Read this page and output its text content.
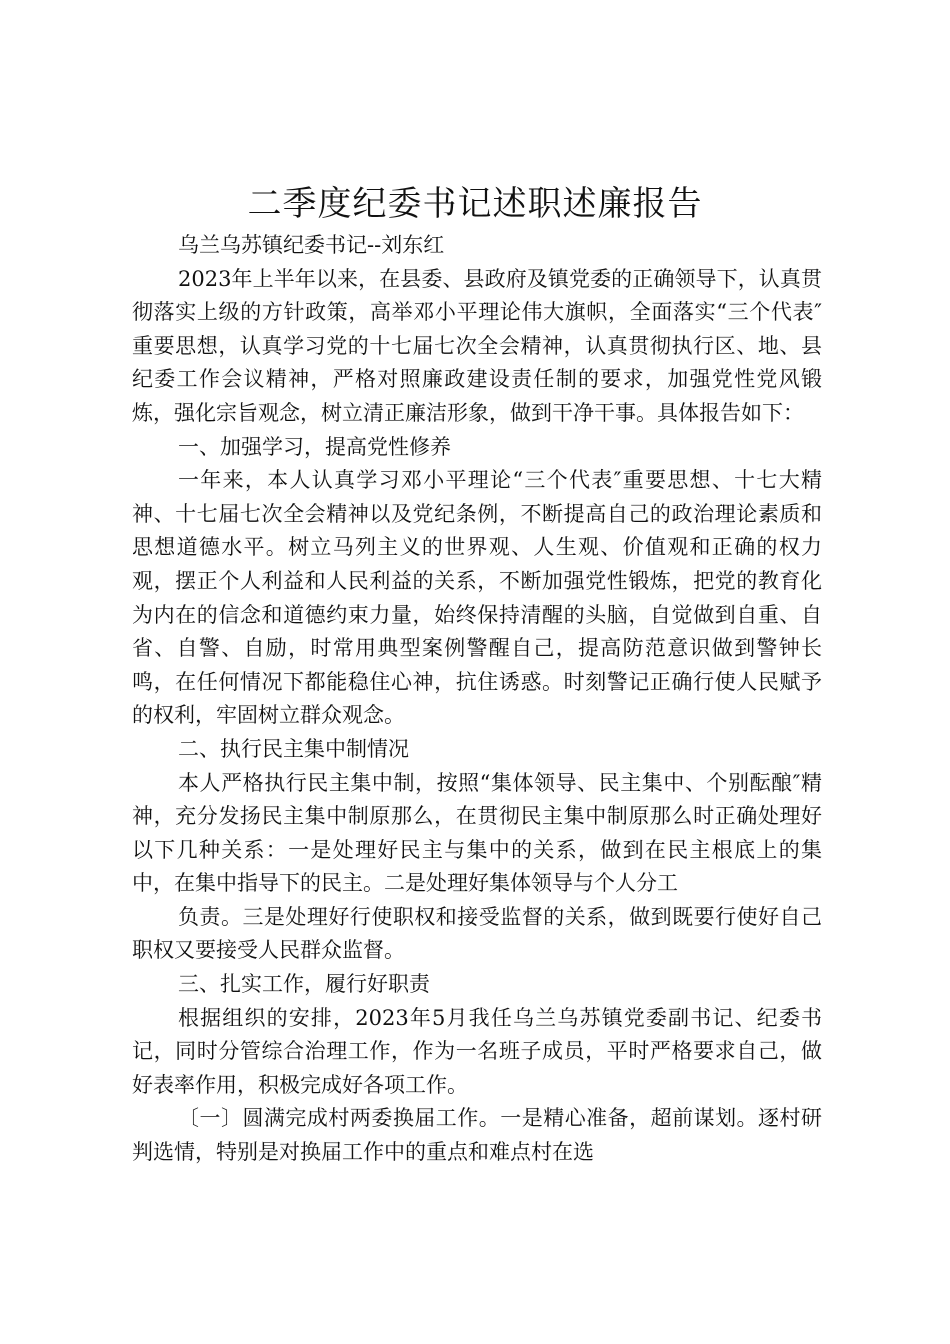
二季度纪委书记述职述廉报告

乌兰乌苏镇纪委书记--刘东红

2023年上半年以来，在县委、县政府及镇党委的正确领导下，认真贯彻落实上级的方针政策，高举邓小平理论伟大旗帜，全面落实“三个代表″重要思想，认真学习党的十七届七次全会精神，认真贯彻执行区、地、县纪委工作会议精神，严格对照廉政建设责任制的要求，加强党性党风锻炼，强化宗旨观念，树立清正廉洁形象，做到干净干事。具体报告如下：

一、加强学习，提高党性修养

一年来，本人认真学习邓小平理论“三个代表″重要思想、十七大精神、十七届七次全会精神以及党纪条例，不断提高自己的政治理论素质和思想道德水平。树立马列主义的世界观、人生观、价值观和正确的权力观，摆正个人利益和人民利益的关系，不断加强党性锻炼，把党的教育化为内在的信念和道德约束力量，始终保持清醒的头脑，自觉做到自重、自省、自警、自励，时常用典型案例警醒自己，提高防范意识做到警钟长鸣，在任何情况下都能稳住心神，抗住诱惑。时刻警记正确行使人民赋予的权利，牢固树立群众观念。

二、执行民主集中制情况

本人严格执行民主集中制，按照“集体领导、民主集中、个别酝酿″精神，充分发扬民主集中制原那么，在贯彻民主集中制原那么时正确处理好以下几种关系：一是处理好民主与集中的关系，做到在民主根底上的集中，在集中指导下的民主。二是处理好集体领导与个人分工

负责。三是处理好行使职权和接受监督的关系，做到既要行使好自己职权又要接受人民群众监督。

三、扎实工作，履行好职责

根据组织的安排，2023年5月我任乌兰乌苏镇党委副书记、纪委书记，同时分管综合治理工作，作为一名班子成员，平时严格要求自己，做好表率作用，积极完成好各项工作。

〔一〕圆满完成村两委换届工作。一是精心准备，超前谋划。逐村研判选情，特别是对换届工作中的重点和难点村在选
